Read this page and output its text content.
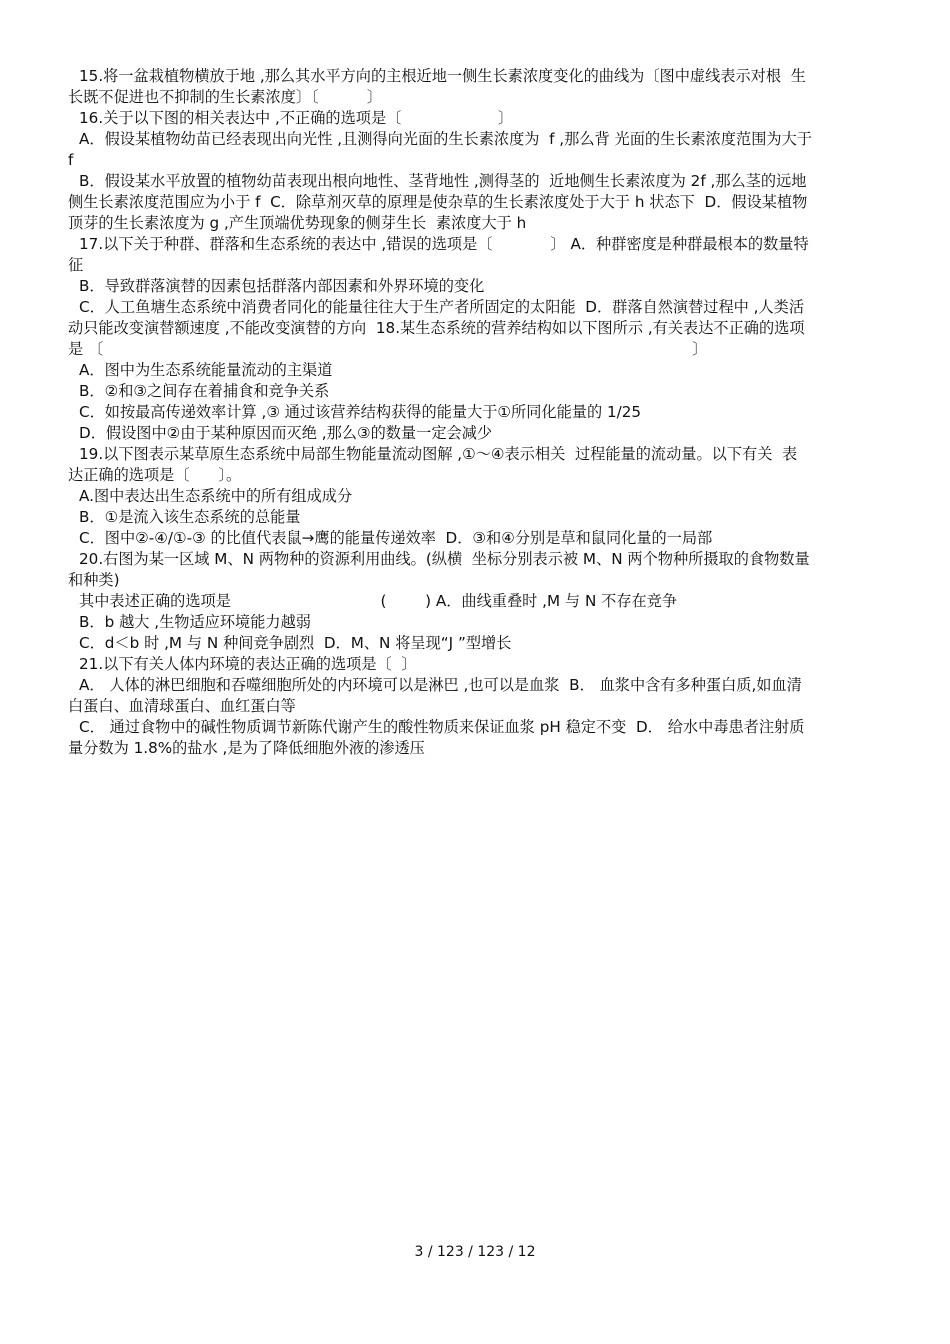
15.将一盆栽植物横放于地 ,那么其水平方向的主根近地一侧生长素浓度变化的曲线为〔图中虚线表示对根  生
长既不促进也不抑制的生长素浓度〕〔          〕
16.关于以下图的相关表达中 ,不正确的选项是〔                    〕
A．假设某植物幼苗已经表现出向光性 ,且测得向光面的生长素浓度为  f ,那么背 光面的生长素浓度范围为大于
f
B．假设某水平放置的植物幼苗表现出根向地性、茎背地性 ,测得茎的  近地侧生长素浓度为 2f ,那么茎的远地
侧生长素浓度范围应为小于 f  C．除草剂灭草的原理是使杂草的生长素浓度处于大于 h 状态下  D．假设某植物
顶芽的生长素浓度为 g ,产生顶端优势现象的侧芽生长  素浓度大于 h
17.以下关于种群、群落和生态系统的表达中 ,错误的选项是〔            〕 A．种群密度是种群最根本的数量特
征
B．导致群落演替的因素包括群落内部因素和外界环境的变化
C．人工鱼塘生态系统中消费者同化的能量往往大于生产者所固定的太阳能  D．群落自然演替过程中 ,人类活
动只能改变演替额速度 ,不能改变演替的方向  18.某生态系统的营养结构如以下图所示 ,有关表达不正确的选项
是 〔                                                                                                                          〕
A．图中为生态系统能量流动的主渠道
B．②和③之间存在着捕食和竞争关系
C．如按最高传递效率计算 ,③ 通过该营养结构获得的能量大于①所同化能量的 1/25
D．假设图中②由于某种原因而灭绝 ,那么③的数量一定会减少
19.以下图表示某草原生态系统中局部生物能量流动图解 ,①～④表示相关  过程能量的流动量。以下有关  表
达正确的选项是〔      〕。
A.图中表达出生态系统中的所有组成成分
B．①是流入该生态系统的总能量
C．图中②-④/①-③ 的比值代表鼠→鹰的能量传递效率  D．③和④分别是草和鼠同化量的一局部
20.右图为某一区域 M、N 两物种的资源利用曲线。(纵横  坐标分别表示被 M、N 两个物种所摄取的食物数量
和种类)
其中表述正确的选项是                               (        ) A．曲线重叠时 ,M 与 N 不存在竞争
B．b 越大 ,生物适应环境能力越弱
C．d＜b 时 ,M 与 N 种间竞争剧烈  D．M、N 将呈现“J ”型增长
21.以下有关人体内环境的表达正确的选项是〔  〕
A． 人体的淋巴细胞和吞噬细胞所处的内环境可以是淋巴 ,也可以是血浆  B． 血浆中含有多种蛋白质,如血清
白蛋白、血清球蛋白、血红蛋白等
C． 通过食物中的碱性物质调节新陈代谢产生的酸性物质来保证血浆 pH 稳定不变  D． 给水中毒患者注射质
量分数为 1.8%的盐水 ,是为了降低细胞外液的渗透压
3 / 123 / 123 / 12
